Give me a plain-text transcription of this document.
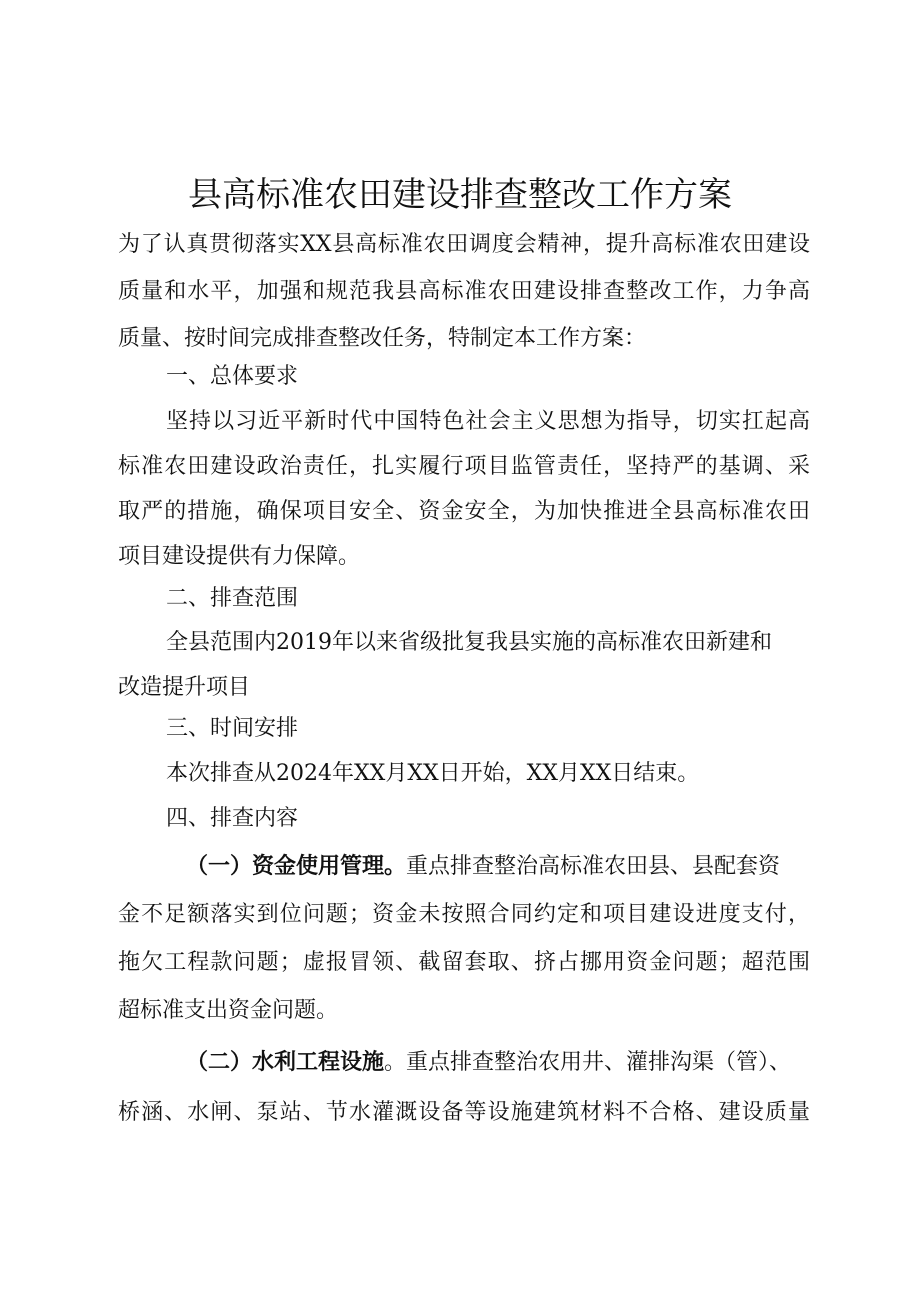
县高标准农田建设排查整改工作方案
为了认真贯彻落实XX县高标准农田调度会精神，提升高标准农田建设
质量和水平，加强和规范我县高标准农田建设排查整改工作，力争高
质量、按时间完成排查整改任务，特制定本工作方案：
一、总体要求
坚持以习近平新时代中国特色社会主义思想为指导，切实扛起高
标准农田建设政治责任，扎实履行项目监管责任，坚持严的基调、采
取严的措施，确保项目安全、资金安全，为加快推进全县高标准农田
项目建设提供有力保障。
二、排查范围
全县范围内2019年以来省级批复我县实施的高标准农田新建和
改造提升项目
三、时间安排
本次排查从2024年XX月XX日开始，XX月XX日结束。
四、排查内容
（一）资金使用管理。重点排查整治高标准农田县、县配套资
金不足额落实到位问题；资金未按照合同约定和项目建设进度支付，
拖欠工程款问题；虚报冒领、截留套取、挤占挪用资金问题；超范围
超标准支出资金问题。
（二）水利工程设施。重点排查整治农用井、灌排沟渠（管）、
桥涵、水闸、泵站、节水灌溉设备等设施建筑材料不合格、建设质量
